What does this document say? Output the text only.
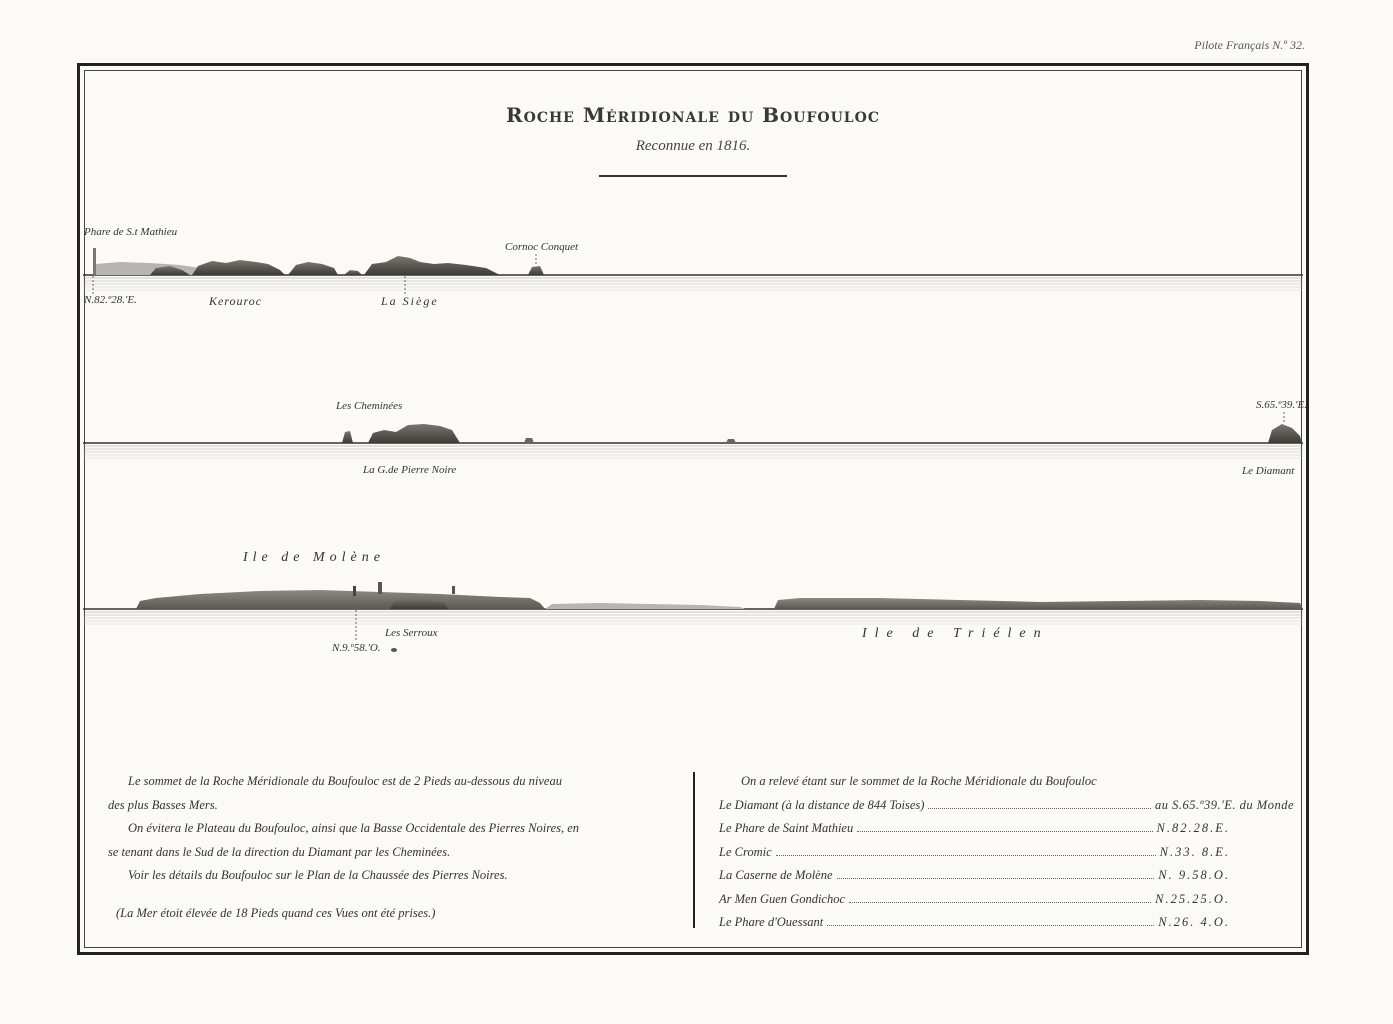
Pilote Français N.º 32.
Roche Méridionale du Boufouloc
Reconnue en 1816.
Phare de S.t Mathieu
Cornoc Conquet
N.82.º28.'E.	Kerouroc	La Siège
Les Cheminées	S.65.º39.'E.
La G.de Pierre Noire	Le Diamant
Ile de Molène
Les Serroux
N.9.º58.'O.
Ile de Triélen

Le sommet de la Roche Méridionale du Boufouloc est de 2 Pieds au-dessous du niveau

des plus Basses Mers.

On évitera le Plateau du Boufouloc, ainsi que la Basse Occidentale des Pierres Noires, en

se tenant dans le Sud de la direction du Diamant par les Cheminées.

Voir les détails du Boufouloc sur le Plan de la Chaussée des Pierres Noires.

(La Mer étoit élevée de 18 Pieds quand ces Vues ont été prises.)

On a relevé étant sur le sommet de la Roche Méridionale du Boufouloc
Le Diamant (à la distance de 844 Toises)	au S.65.º39.'E. du Monde
Le Phare de Saint Mathieu	N.82.28.E.
Le Cromic	N.33. 8.E.
La Caserne de Molène	N. 9.58.O.
Ar Men Guen Gondichoc	N.25.25.O.
Le Phare d'Ouessant	N.26. 4.O.
